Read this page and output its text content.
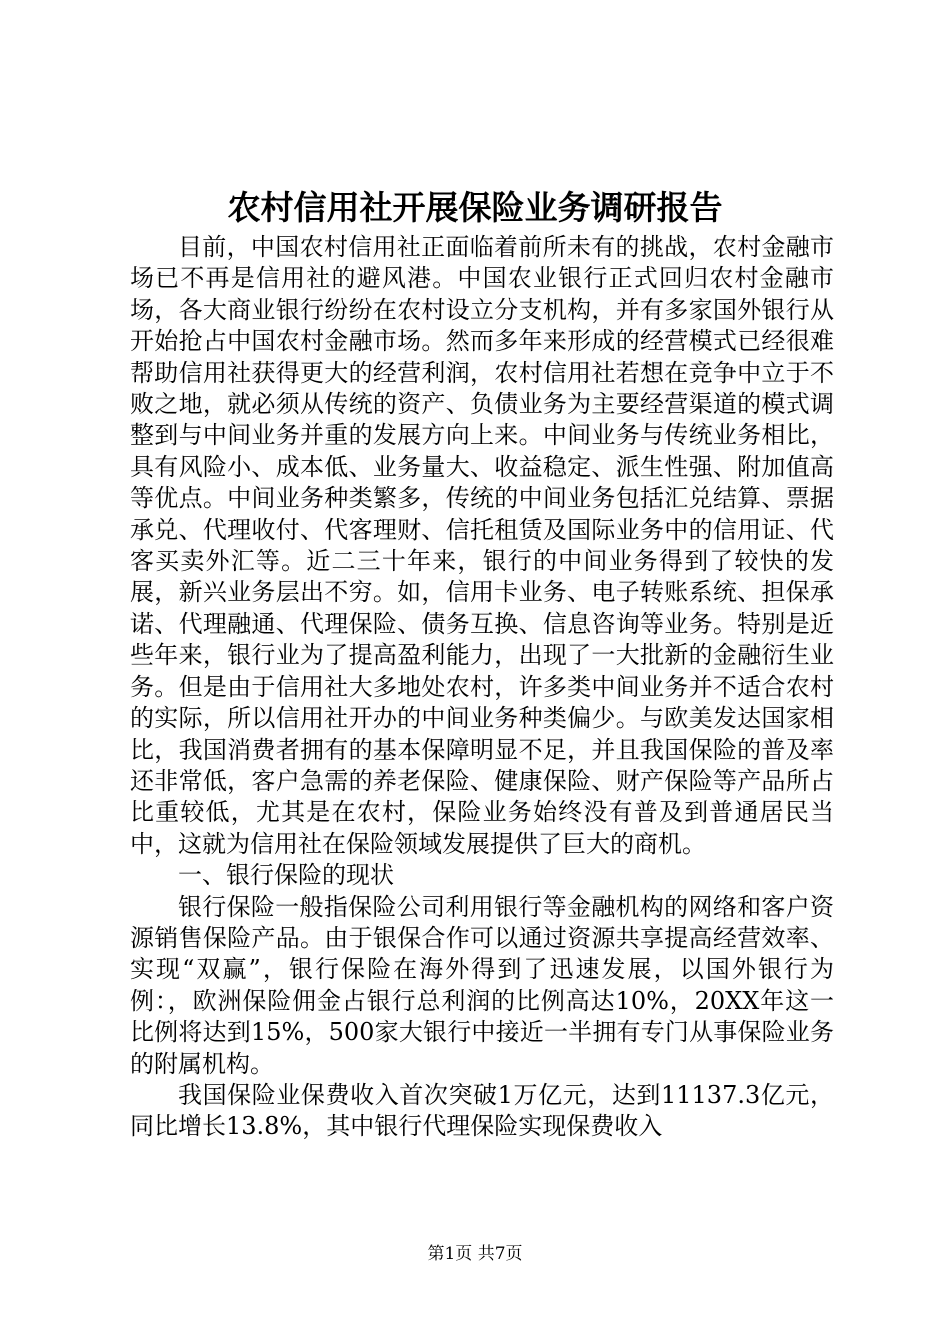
农村信用社开展保险业务调研报告

目前，中国农村信用社正面临着前所未有的挑战，农村金融市场已不再是信用社的避风港。中国农业银行正式回归农村金融市场，各大商业银行纷纷在农村设立分支机构，并有多家国外银行从开始抢占中国农村金融市场。然而多年来形成的经营模式已经很难帮助信用社获得更大的经营利润，农村信用社若想在竞争中立于不败之地，就必须从传统的资产、负债业务为主要经营渠道的模式调整到与中间业务并重的发展方向上来。中间业务与传统业务相比，具有风险小、成本低、业务量大、收益稳定、派生性强、附加值高等优点。中间业务种类繁多，传统的中间业务包括汇兑结算、票据承兑、代理收付、代客理财、信托租赁及国际业务中的信用证、代客买卖外汇等。近二三十年来，银行的中间业务得到了较快的发展，新兴业务层出不穷。如，信用卡业务、电子转账系统、担保承诺、代理融通、代理保险、债务互换、信息咨询等业务。特别是近些年来，银行业为了提高盈利能力，出现了一大批新的金融衍生业务。但是由于信用社大多地处农村，许多类中间业务并不适合农村的实际，所以信用社开办的中间业务种类偏少。与欧美发达国家相比，我国消费者拥有的基本保障明显不足，并且我国保险的普及率还非常低，客户急需的养老保险、健康保险、财产保险等产品所占比重较低，尤其是在农村，保险业务始终没有普及到普通居民当中，这就为信用社在保险领域发展提供了巨大的商机。

一、银行保险的现状

银行保险一般指保险公司利用银行等金融机构的网络和客户资源销售保险产品。由于银保合作可以通过资源共享提高经营效率、实现“双赢”，银行保险在海外得到了迅速发展，以国外银行为例：，欧洲保险佣金占银行总利润的比例高达10%，20XX年这一比例将达到15%，500家大银行中接近一半拥有专门从事保险业务的附属机构。

我国保险业保费收入首次突破1万亿元，达到11137.3亿元，同比增长13.8%，其中银行代理保险实现保费收入

第1页 共7页
